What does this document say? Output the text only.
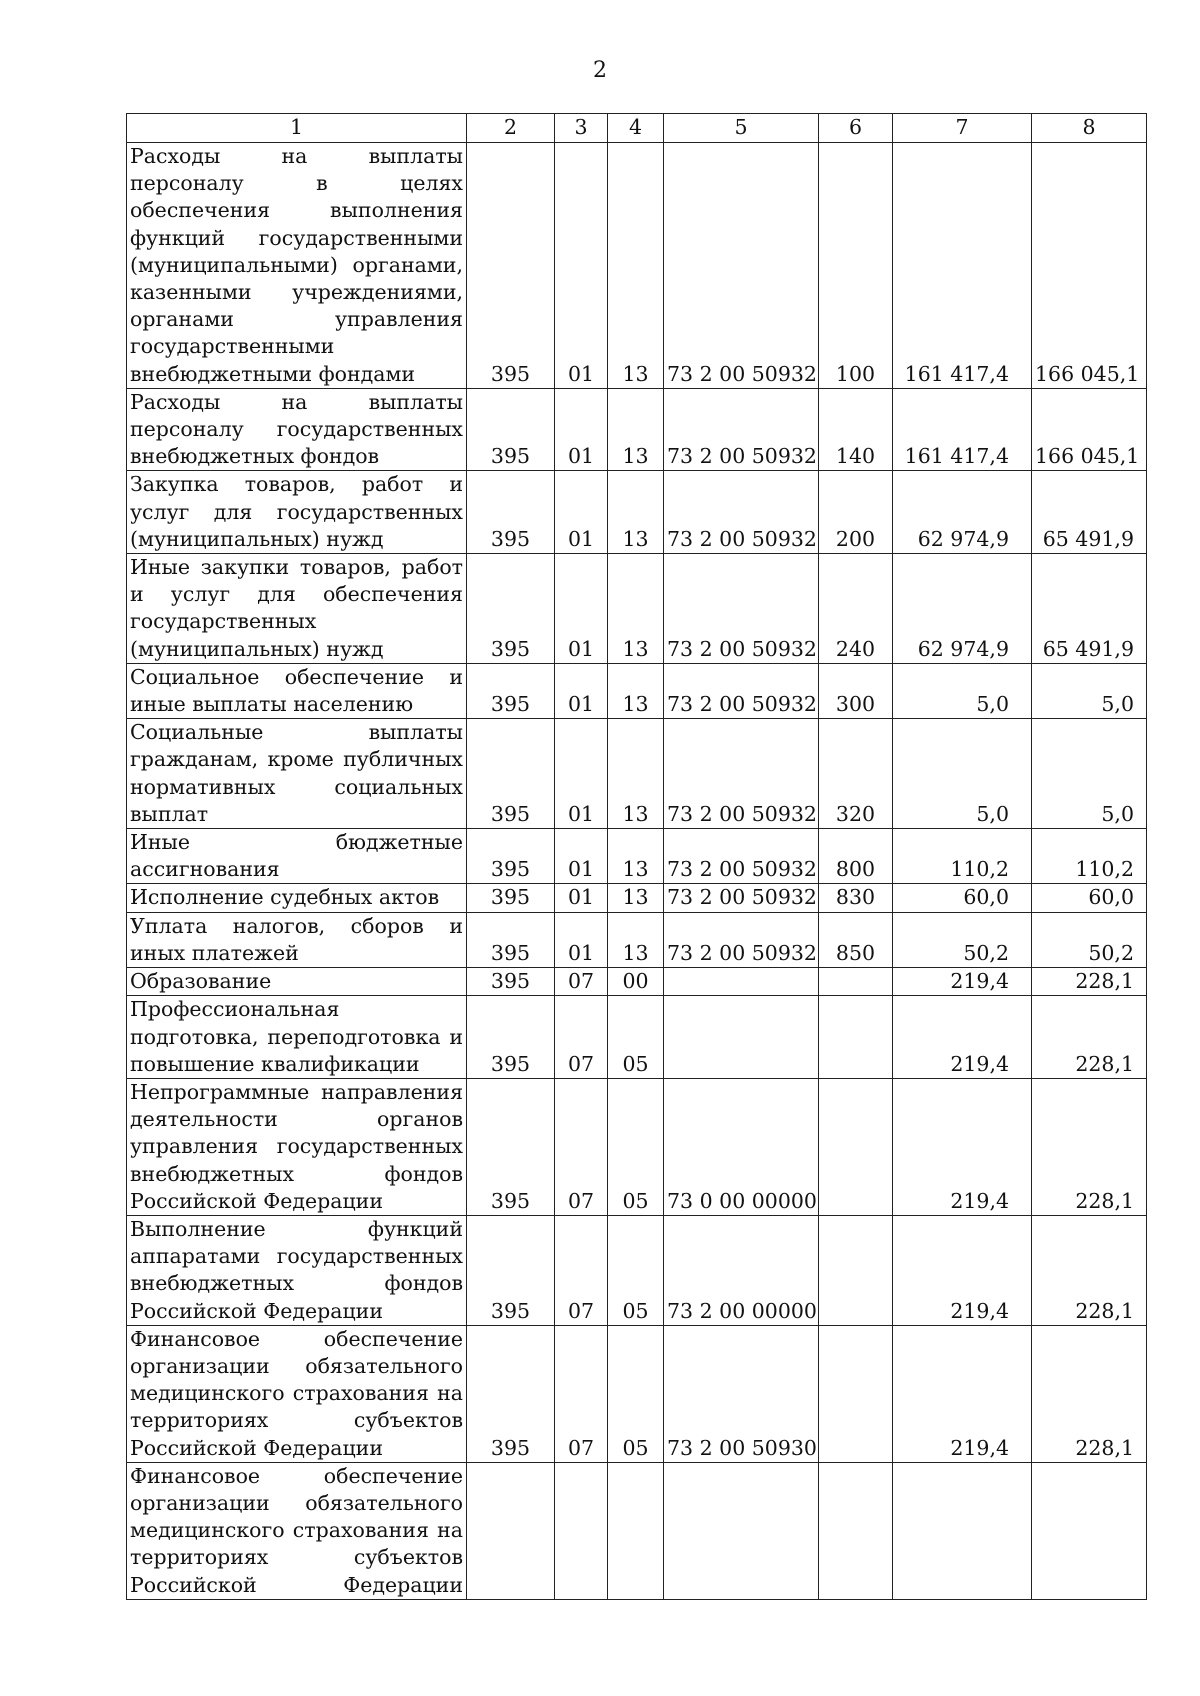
2
1	2	3	4	5	6	7	8
Расходы на выплаты персоналу в целях обеспечения выполнения функций государственными (муниципальными) органами, казенными учреждениями, органами управления государственными внебюджетными фондами	395	01	13	73 2 00 50932	100	161 417,4	166 045,1
Расходы на выплаты персоналу государственных внебюджетных фондов	395	01	13	73 2 00 50932	140	161 417,4	166 045,1
Закупка товаров, работ и услуг для государственных (муниципальных) нужд	395	01	13	73 2 00 50932	200	62 974,9	65 491,9
Иные закупки товаров, работ и услуг для обеспечения государственных (муниципальных) нужд	395	01	13	73 2 00 50932	240	62 974,9	65 491,9
Социальное обеспечение и иные выплаты населению	395	01	13	73 2 00 50932	300	5,0	5,0
Социальные выплаты гражданам, кроме публичных нормативных социальных выплат	395	01	13	73 2 00 50932	320	5,0	5,0
Иные бюджетные ассигнования	395	01	13	73 2 00 50932	800	110,2	110,2
Исполнение судебных актов	395	01	13	73 2 00 50932	830	60,0	60,0
Уплата налогов, сборов и иных платежей	395	01	13	73 2 00 50932	850	50,2	50,2
Образование	395	07	00			219,4	228,1
Профессиональная подготовка, переподготовка и повышение квалификации	395	07	05			219,4	228,1
Непрограммные направления деятельности органов управления государственных внебюджетных фондов Российской Федерации	395	07	05	73 0 00 00000		219,4	228,1
Выполнение функций аппаратами государственных внебюджетных фондов Российской Федерации	395	07	05	73 2 00 00000		219,4	228,1
Финансовое обеспечение организации обязательного медицинского страхования на территориях субъектов Российской Федерации	395	07	05	73 2 00 50930		219,4	228,1
Финансовое обеспечение организации обязательного медицинского страхования на территориях субъектов Российской Федерации							
